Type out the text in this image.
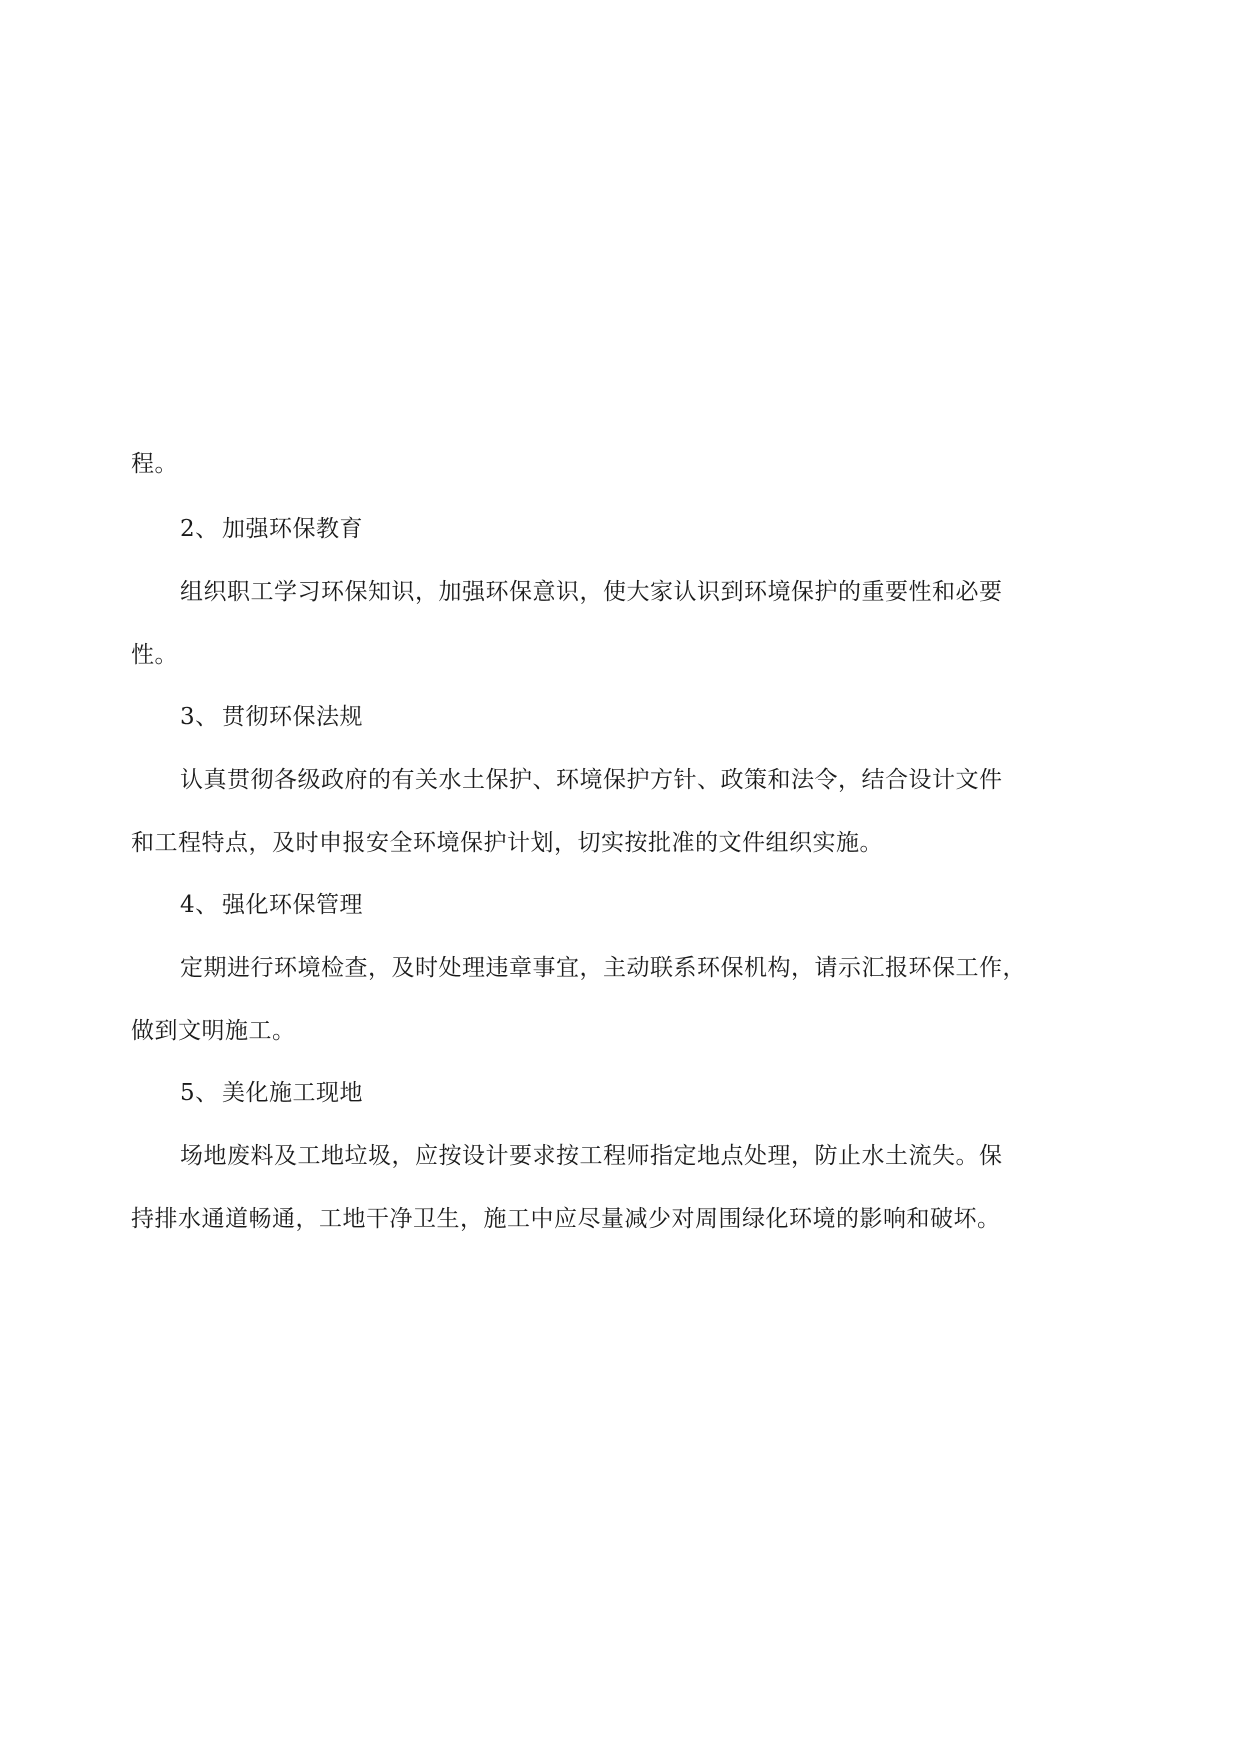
程。
2、 加强环保教育
组织职工学习环保知识，加强环保意识，使大家认识到环境保护的重要性和必要
性。
3、 贯彻环保法规
认真贯彻各级政府的有关水土保护、环境保护方针、政策和法令，结合设计文件
和工程特点，及时申报安全环境保护计划，切实按批准的文件组织实施。
4、 强化环保管理
定期进行环境检查，及时处理违章事宜，主动联系环保机构，请示汇报环保工作，
做到文明施工。
5、 美化施工现地
场地废料及工地垃圾，应按设计要求按工程师指定地点处理，防止水土流失。保
持排水通道畅通，工地干净卫生，施工中应尽量减少对周围绿化环境的影响和破坏。
